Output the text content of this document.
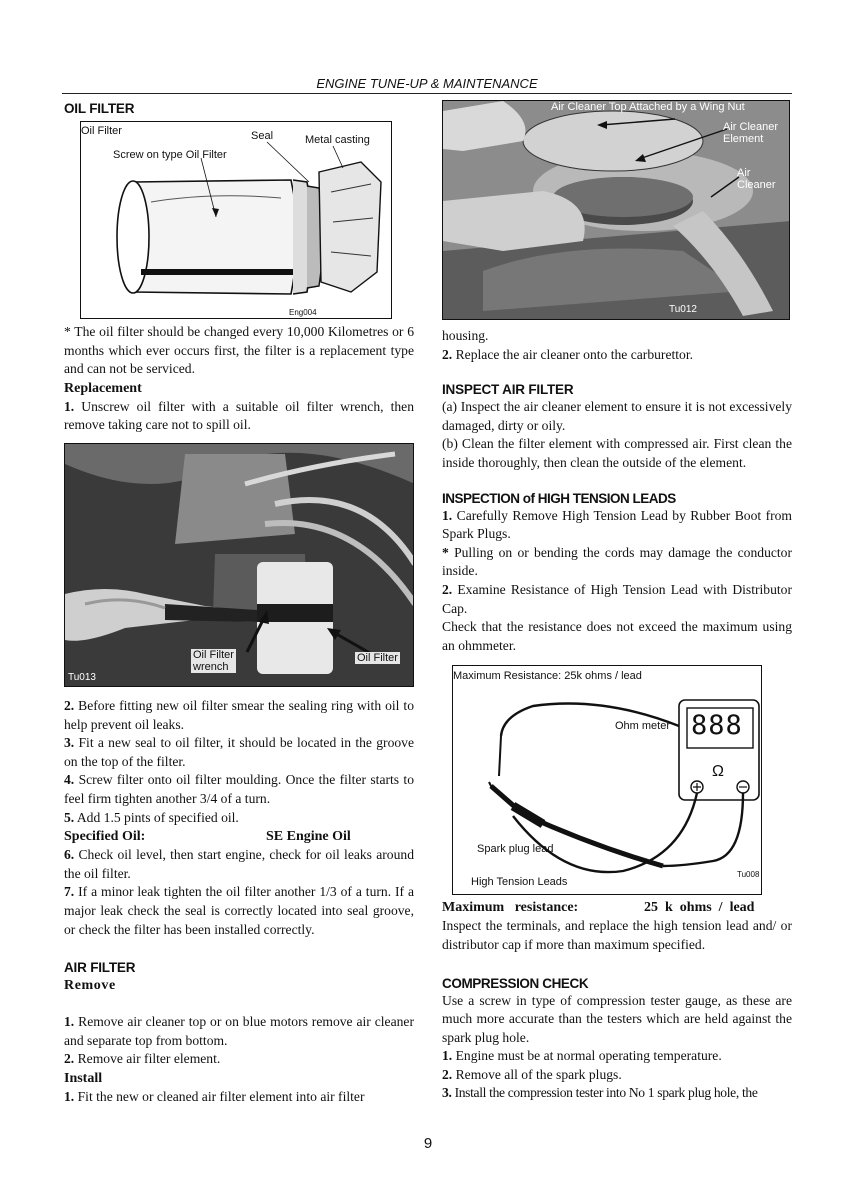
ENGINE TUNE-UP & MAINTENANCE
OIL FILTER
Oil Filter	Seal	Metal casting
Screw on type Oil Filter
Eng004
* The oil filter should be changed every 10,000 Kilometres or 6 months which ever occurs first, the filter is a replacement type and can not be serviced.
Replacement
1. Unscrew oil filter with a suitable oil filter wrench, then remove taking care not to spill oil.
Oil Filter
wrench
Oil Filter
Tu013
2. Before fitting new oil filter smear the sealing ring with oil to help prevent oil leaks.
3. Fit a new seal to oil filter, it should be located in the groove on the top of the filter.
4. Screw filter onto oil filter moulding. Once the filter starts to feel firm tighten another 3/4 of a turn.
5. Add 1.5 pints of specified oil.
Specified Oil:	SE Engine Oil
6. Check oil level, then start engine, check for oil leaks around the oil filter.
7. If a minor leak tighten the oil filter another 1/3 of a turn. If a major leak check the seal is correctly located into seal groove, or check the filter has been installed correctly.
AIR FILTER
Remove
1. Remove air cleaner top or on blue motors remove air cleaner and separate top from bottom.
2. Remove air filter element.
Install
1. Fit the new or cleaned air filter element into air filter
Air Cleaner Top Attached by a Wing Nut
Air Cleaner
Element
Air
Cleaner
Tu012
housing.
2. Replace the air cleaner onto the carburettor.
INSPECT AIR FILTER
(a) Inspect the air cleaner element to ensure it is not excessively damaged, dirty or oily.
(b) Clean the filter element with compressed air. First clean the inside thoroughly, then clean the outside of the element.
INSPECTION of HIGH TENSION LEADS
1. Carefully Remove High Tension Lead by Rubber Boot from Spark Plugs.
* Pulling on or bending the cords may damage the conductor inside.
2. Examine Resistance of High Tension Lead with Distributor Cap.
Check that the resistance does not exceed the maximum using an ohmmeter.
Maximum Resistance: 25k ohms / lead
Ohm meter 888
Ω
Spark plug lead
High Tension Leads
Tu008
Maximum   resistance:	25  k  ohms  /  lead
Inspect the terminals, and replace the high tension lead and/ or distributor cap if more than maximum specified.
COMPRESSION CHECK
Use a screw in type of compression tester gauge, as these are much more accurate than the testers which are held against the spark plug hole.
1. Engine must be at normal operating temperature.
2. Remove all of the spark plugs.
3. Install the compression tester into No 1 spark plug hole, the
9
